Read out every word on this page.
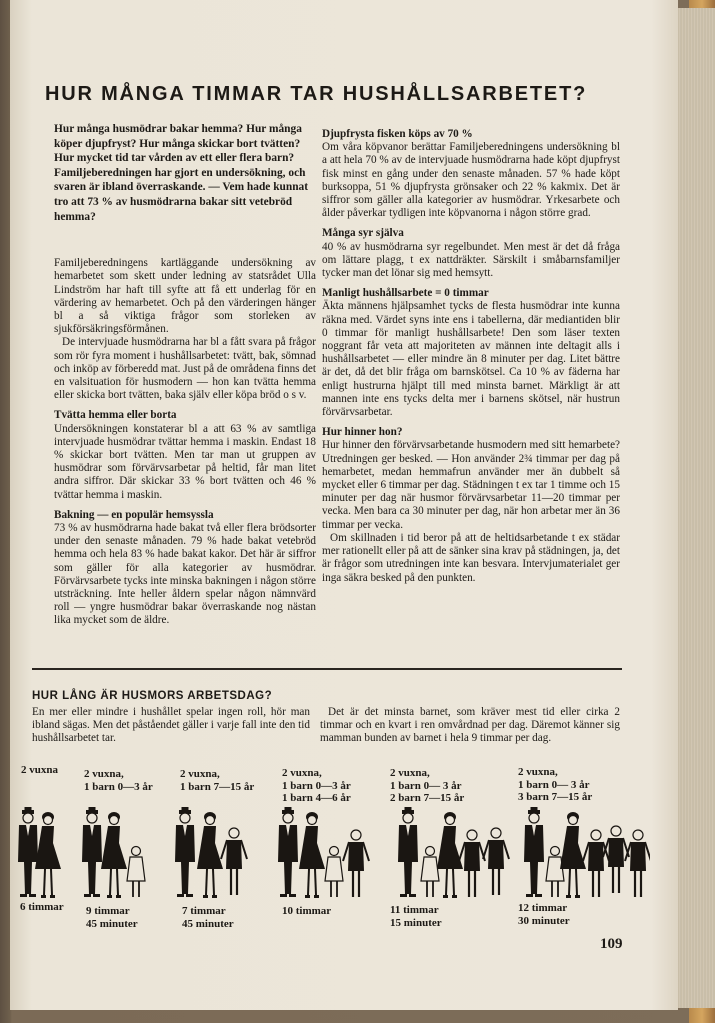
HUR MÅNGA TIMMAR TAR HUSHÅLLSARBETET?

Hur många husmödrar bakar hemma? Hur många köper djupfryst? Hur många skickar bort tvätten? Hur mycket tid tar vården av ett eller flera barn? Familjeberedningen har gjort en undersökning, och svaren är ibland överraskande. — Vem hade kunnat tro att 73 % av husmödrarna bakar sitt vetebröd hemma?

Familjeberedningens kartläggande undersökning av hemarbetet som skett under ledning av statsrådet Ulla Lindström har haft till syfte att få ett underlag för en värdering av hemarbetet. Och på den värderingen hänger bl a så viktiga frågor som storleken av sjukförsäkringsförmånen.

De intervjuade husmödrarna har bl a fått svara på frågor som rör fyra moment i hushållsarbetet: tvätt, bak, sömnad och inköp av förberedd mat. Just på de områdena finns det en valsituation för husmodern — hon kan tvätta hemma eller skicka bort tvätten, baka själv eller köpa bröd o s v.

Tvätta hemma eller borta

Undersökningen konstaterar bl a att 63 % av samtliga intervjuade husmödrar tvättar hemma i maskin. Endast 18 % skickar bort tvätten. Men tar man ut gruppen av husmödrar som förvärvsarbetar på heltid, får man litet andra siffror. Där skickar 33 % bort tvätten och 46 % tvättar hemma i maskin.

Bakning — en populär hemsyssla

73 % av husmödrarna hade bakat två eller flera brödsorter under den senaste månaden. 79 % hade bakat vetebröd hemma och hela 83 % hade bakat kakor. Det här är siffror som gäller för alla kategorier av husmödrar. Förvärvsarbete tycks inte minska bakningen i någon större utsträckning. Inte heller åldern spelar någon nämnvärd roll — yngre husmödrar bakar överraskande nog nästan lika mycket som de äldre.

Djupfrysta fisken köps av 70 %

Om våra köpvanor berättar Familjeberedningens undersökning bl a att hela 70 % av de intervjuade husmödrarna hade köpt djupfryst fisk minst en gång under den senaste månaden. 57 % hade köpt burksoppa, 51 % djupfrysta grönsaker och 22 % kakmix. Det är siffror som gäller alla kategorier av husmödrar. Yrkesarbete och ålder påverkar tydligen inte köpvanorna i någon större grad.

Många syr själva

40 % av husmödrarna syr regelbundet. Men mest är det då fråga om lättare plagg, t ex nattdräkter. Särskilt i småbarnsfamiljer tycker man det lönar sig med hemsytt.

Manligt hushållsarbete = 0 timmar

Äkta männens hjälpsamhet tycks de flesta husmödrar inte kunna räkna med. Värdet syns inte ens i tabellerna, där mediantiden blir 0 timmar för manligt hushållsarbete! Den som läser texten noggrant får veta att majoriteten av männen inte deltagit alls i hushållsarbetet — eller mindre än 8 minuter per dag. Litet bättre är det, då det blir fråga om barnskötsel. Ca 10 % av fäderna har enligt hustrurna hjälpt till med minsta barnet. Märkligt är att mannen inte ens tycks delta mer i barnens skötsel, när hustrun förvärvsarbetar.

Hur hinner hon?

Hur hinner den förvärvsarbetande husmodern med sitt hemarbete? Utredningen ger besked. — Hon använder 2¾ timmar per dag på hemarbetet, medan hemmafrun använder mer än dubbelt så mycket eller 6 timmar per dag. Städningen t ex tar 1 timme och 15 minuter per dag när husmor förvärvsarbetar 11—20 timmar per vecka. Men bara ca 30 minuter per dag, när hon arbetar mer än 36 timmar per vecka.

Om skillnaden i tid beror på att de heltidsarbetande t ex städar mer rationellt eller på att de sänker sina krav på städningen, ja, det är frågor som utredningen inte kan besvara. Intervjumaterialet ger inga säkra besked på den punkten.

HUR LÅNG ÄR HUSMORS ARBETSDAG?

En mer eller mindre i hushållet spelar ingen roll, hör man ibland sägas. Men det påståendet gäller i varje fall inte den tid hushållsarbetet tar.

Det är det minsta barnet, som kräver mest tid eller cirka 2 timmar och en kvart i ren omvårdnad per dag. Däremot känner sig mamman bunden av barnet i hela 9 timmar per dag.

2 vuxna 2 vuxna,
1 barn 0—3 år
2 vuxna,
1 barn 7—15 år
2 vuxna,
1 barn 0—3 år
1 barn 4—6 år
2 vuxna,
1 barn 0— 3 år
2 barn 7—15 år
2 vuxna,
1 barn 0— 3 år
3 barn 7—15 år
6 timmar 9 timmar
45 minuter
7 timmar
45 minuter
10 timmar	11 timmar
15 minuter
12 timmar
30 minuter
109
